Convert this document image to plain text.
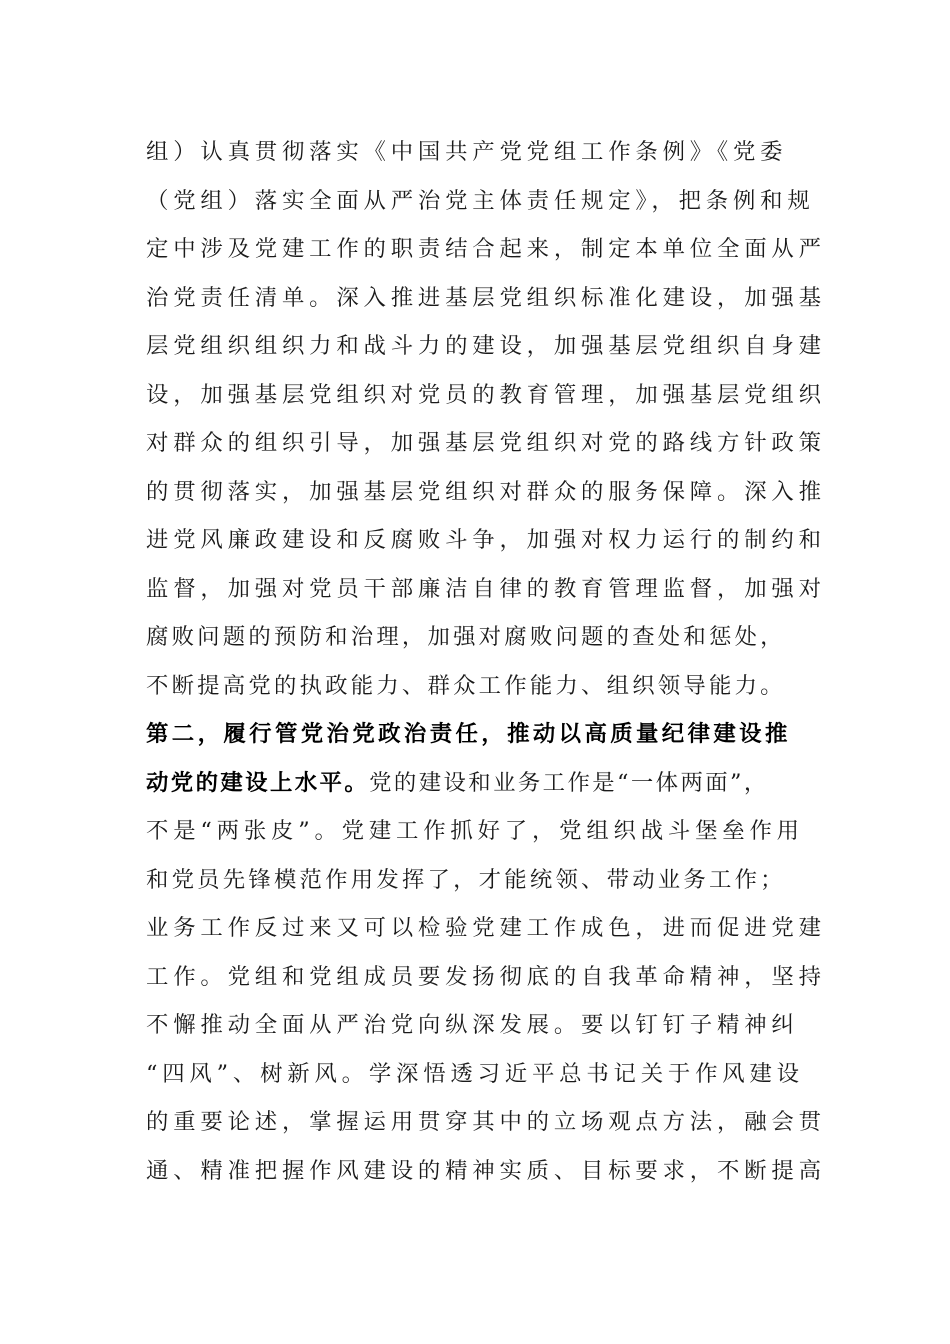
组）认真贯彻落实《中国共产党党组工作条例》《党委
（党组）落实全面从严治党主体责任规定》，把条例和规
定中涉及党建工作的职责结合起来，制定本单位全面从严
治党责任清单。深入推进基层党组织标准化建设，加强基
层党组织组织力和战斗力的建设，加强基层党组织自身建
设，加强基层党组织对党员的教育管理，加强基层党组织
对群众的组织引导，加强基层党组织对党的路线方针政策
的贯彻落实，加强基层党组织对群众的服务保障。深入推
进党风廉政建设和反腐败斗争，加强对权力运行的制约和
监督，加强对党员干部廉洁自律的教育管理监督，加强对
腐败问题的预防和治理，加强对腐败问题的查处和惩处，
不断提高党的执政能力、群众工作能力、组织领导能力。
第二，履行管党治党政治责任，推动以高质量纪律建设推
动党的建设上水平。党的建设和业务工作是“一体两面”，
不是“两张皮”。党建工作抓好了，党组织战斗堡垒作用
和党员先锋模范作用发挥了，才能统领、带动业务工作；
业务工作反过来又可以检验党建工作成色，进而促进党建
工作。党组和党组成员要发扬彻底的自我革命精神，坚持
不懈推动全面从严治党向纵深发展。要以钉钉子精神纠
“四风”、树新风。学深悟透习近平总书记关于作风建设
的重要论述，掌握运用贯穿其中的立场观点方法，融会贯
通、精准把握作风建设的精神实质、目标要求，不断提高
